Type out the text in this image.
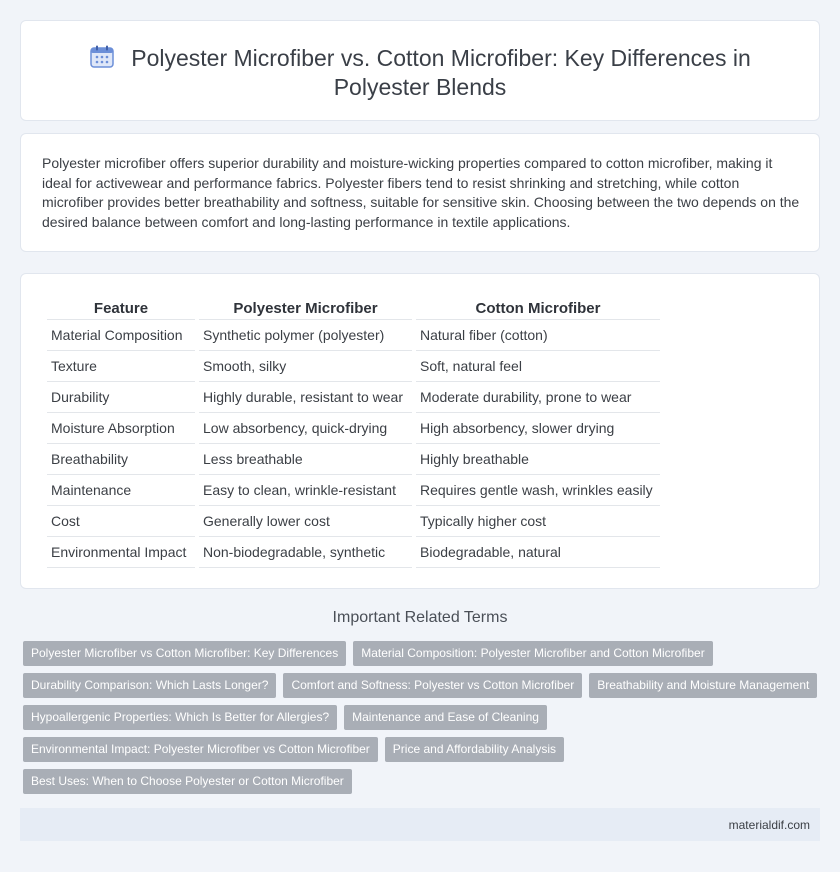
Polyester Microfiber vs. Cotton Microfiber: Key Differences in Polyester Blends

Polyester microfiber offers superior durability and moisture-wicking properties compared to cotton microfiber, making it ideal for activewear and performance fabrics. Polyester fibers tend to resist shrinking and stretching, while cotton microfiber provides better breathability and softness, suitable for sensitive skin. Choosing between the two depends on the desired balance between comfort and long-lasting performance in textile applications.

Feature	Polyester Microfiber	Cotton Microfiber
Material Composition	Synthetic polymer (polyester)	Natural fiber (cotton)
Texture	Smooth, silky	Soft, natural feel
Durability	Highly durable, resistant to wear	Moderate durability, prone to wear
Moisture Absorption	Low absorbency, quick-drying	High absorbency, slower drying
Breathability	Less breathable	Highly breathable
Maintenance	Easy to clean, wrinkle-resistant	Requires gentle wash, wrinkles easily
Cost	Generally lower cost	Typically higher cost
Environmental Impact	Non-biodegradable, synthetic	Biodegradable, natural
Important Related Terms
Polyester Microfiber vs Cotton Microfiber: Key Differences	Material Composition: Polyester Microfiber and Cotton Microfiber
Durability Comparison: Which Lasts Longer?	Comfort and Softness: Polyester vs Cotton Microfiber	Breathability and Moisture Management
Hypoallergenic Properties: Which Is Better for Allergies?	Maintenance and Ease of Cleaning
Environmental Impact: Polyester Microfiber vs Cotton Microfiber	Price and Affordability Analysis
Best Uses: When to Choose Polyester or Cotton Microfiber
materialdif.com
